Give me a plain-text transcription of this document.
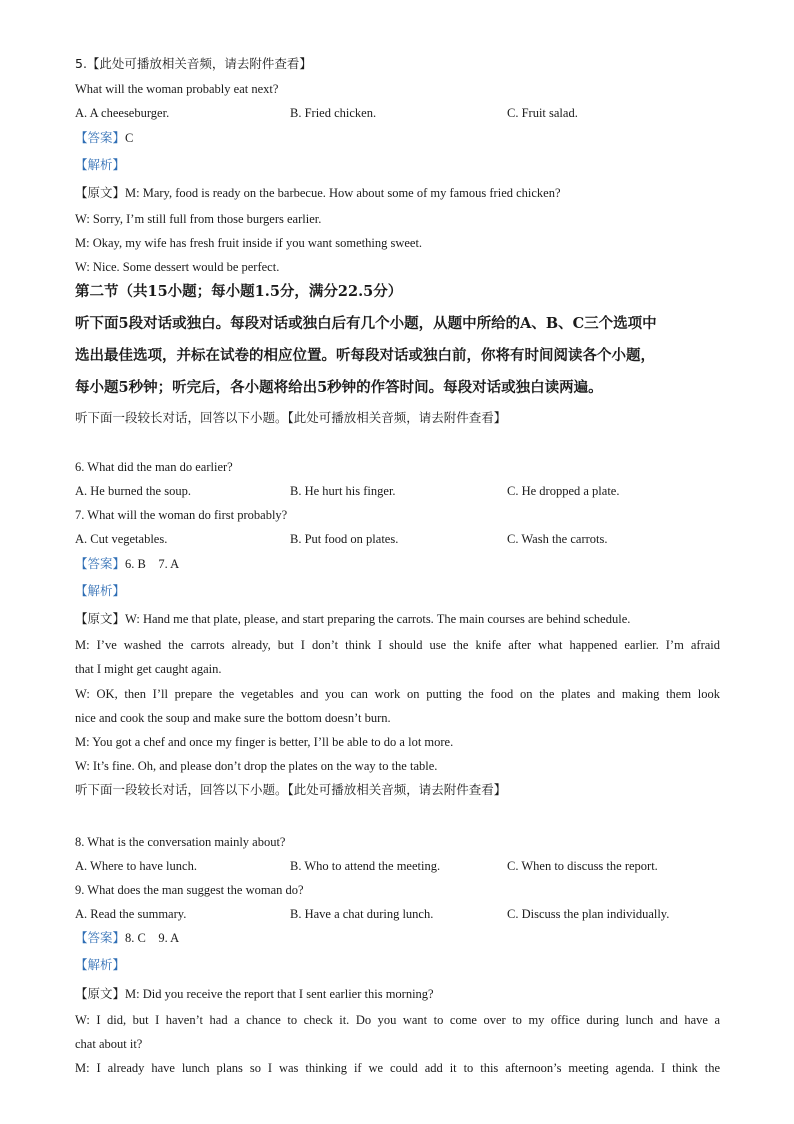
5.【此处可播放相关音频，请去附件查看】
What will the woman probably eat next?
A. A cheeseburger.	B. Fried chicken.	C. Fruit salad.
【答案】C
【解析】
【原文】M: Mary, food is ready on the barbecue. How about some of my famous fried chicken?
W: Sorry, I’m still full from those burgers earlier.
M: Okay, my wife has fresh fruit inside if you want something sweet.
W: Nice. Some dessert would be perfect.
第二节（共15小题；每小题1.5分，满分22.5分）
听下面5段对话或独白。每段对话或独白后有几个小题，从题中所给的A、B、C三个选项中
选出最佳选项，并标在试卷的相应位置。听每段对话或独白前，你将有时间阅读各个小题，
每小题5秒钟；听完后，各小题将给出5秒钟的作答时间。每段对话或独白读两遍。
听下面一段较长对话，回答以下小题。【此处可播放相关音频，请去附件查看】
6. What did the man do earlier?
A. He burned the soup.	B. He hurt his finger.	C. He dropped a plate.
7. What will the woman do first probably?
A. Cut vegetables.	B. Put food on plates.	C. Wash the carrots.
【答案】6. B    7. A
【解析】
【原文】W: Hand me that plate, please, and start preparing the carrots. The main courses are behind schedule.
M: I’ve washed the carrots already, but I don’t think I should use the knife after what happened earlier. I’m afraid
that I might get caught again.
W: OK, then I’ll prepare the vegetables and you can work on putting the food on the plates and making them look
nice and cook the soup and make sure the bottom doesn’t burn.
M: You got a chef and once my finger is better, I’ll be able to do a lot more.
W: It’s fine. Oh, and please don’t drop the plates on the way to the table.
听下面一段较长对话，回答以下小题。【此处可播放相关音频，请去附件查看】
8. What is the conversation mainly about?
A. Where to have lunch.	B. Who to attend the meeting.	C. When to discuss the report.
9. What does the man suggest the woman do?
A. Read the summary.	B. Have a chat during lunch.	C. Discuss the plan individually.
【答案】8. C    9. A
【解析】
【原文】M: Did you receive the report that I sent earlier this morning?
W: I did, but I haven’t had a chance to check it. Do you want to come over to my office during lunch and have a
chat about it?
M: I already have lunch plans so I was thinking if we could add it to this afternoon’s meeting agenda. I think the
